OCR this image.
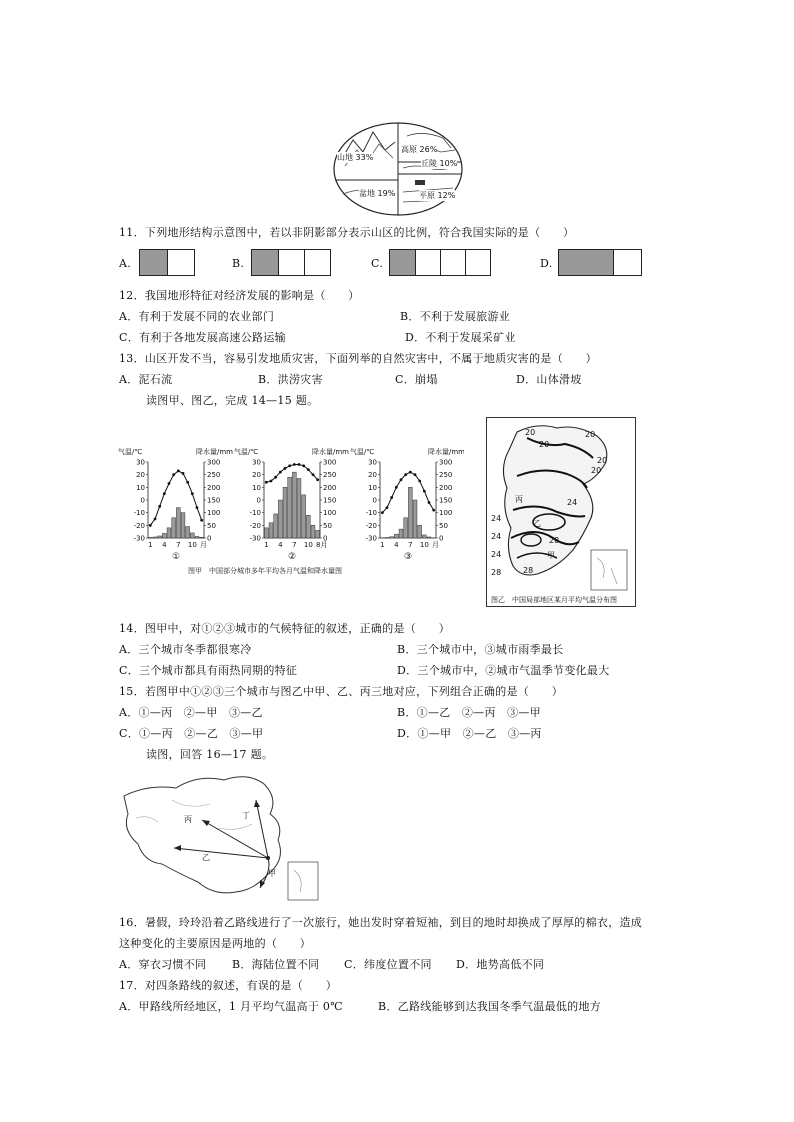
山地 33%
高原 26%
丘陵 10%
盆地 19%	平原 12%
11．下列地形结构示意图中，若以非阴影部分表示山区的比例，符合我国实际的是（　　）
A.	B.	C.	D.
12．我国地形特征对经济发展的影响是（　　）
A．有利于发展不同的农业部门	B．不利于发展旅游业
C．有利于各地发展高速公路运输	D．不利于发展采矿业
13．山区开发不当，容易引发地质灾害，下面列举的自然灾害中，不属于地质灾害的是（　　）
A．泥石流	B．洪涝灾害	C．崩塌	D．山体滑坡
读图甲、图乙，完成 14—15 题。
气温/℃	降水量/mm
30
20
10
0
-10
-20
-30
300
250
200
150
100
50
0
1 4 7 10 月
①
气温/℃	降水量/mm
30
20
10
0
-10
-20
-30
300
250
200
150
100
50
0
1 4 7 10 8月
②
气温/℃	降水量/mm
30
20
10
0
-10
-20
-30
300
250
200
150
100
50
0
1 4 7 10 月
③
图甲　中国部分城市多年平均各月气温和降水量图
20
20
20
20
20
24
24
24
24
28
28
28
丙
乙
甲
图乙　中国局部地区某月平均气温分布图
14．图甲中，对①②③城市的气候特征的叙述，正确的是（　　）
A．三个城市冬季都很寒冷	B．三个城市中，③城市雨季最长
C．三个城市都具有雨热同期的特征	D．三个城市中，②城市气温季节变化最大
15．若图甲中①②③三个城市与图乙中甲、乙、丙三地对应，下列组合正确的是（　　）
A．①—丙　②—甲　③—乙	B．①—乙　②—丙　③—甲
C．①—丙　②—乙　③—甲	D．①—甲　②—乙　③—丙
读图，回答 16—17 题。
丁
丙
乙
甲
16．暑假，玲玲沿着乙路线进行了一次旅行，她出发时穿着短袖，到目的地时却换成了厚厚的棉衣，造成
这种变化的主要原因是两地的（　　）
A．穿衣习惯不同 B．海陆位置不同 C．纬度位置不同 D．地势高低不同
17．对四条路线的叙述，有误的是（　　）
A．甲路线所经地区，1 月平均气温高于 0℃	B．乙路线能够到达我国冬季气温最低的地方
